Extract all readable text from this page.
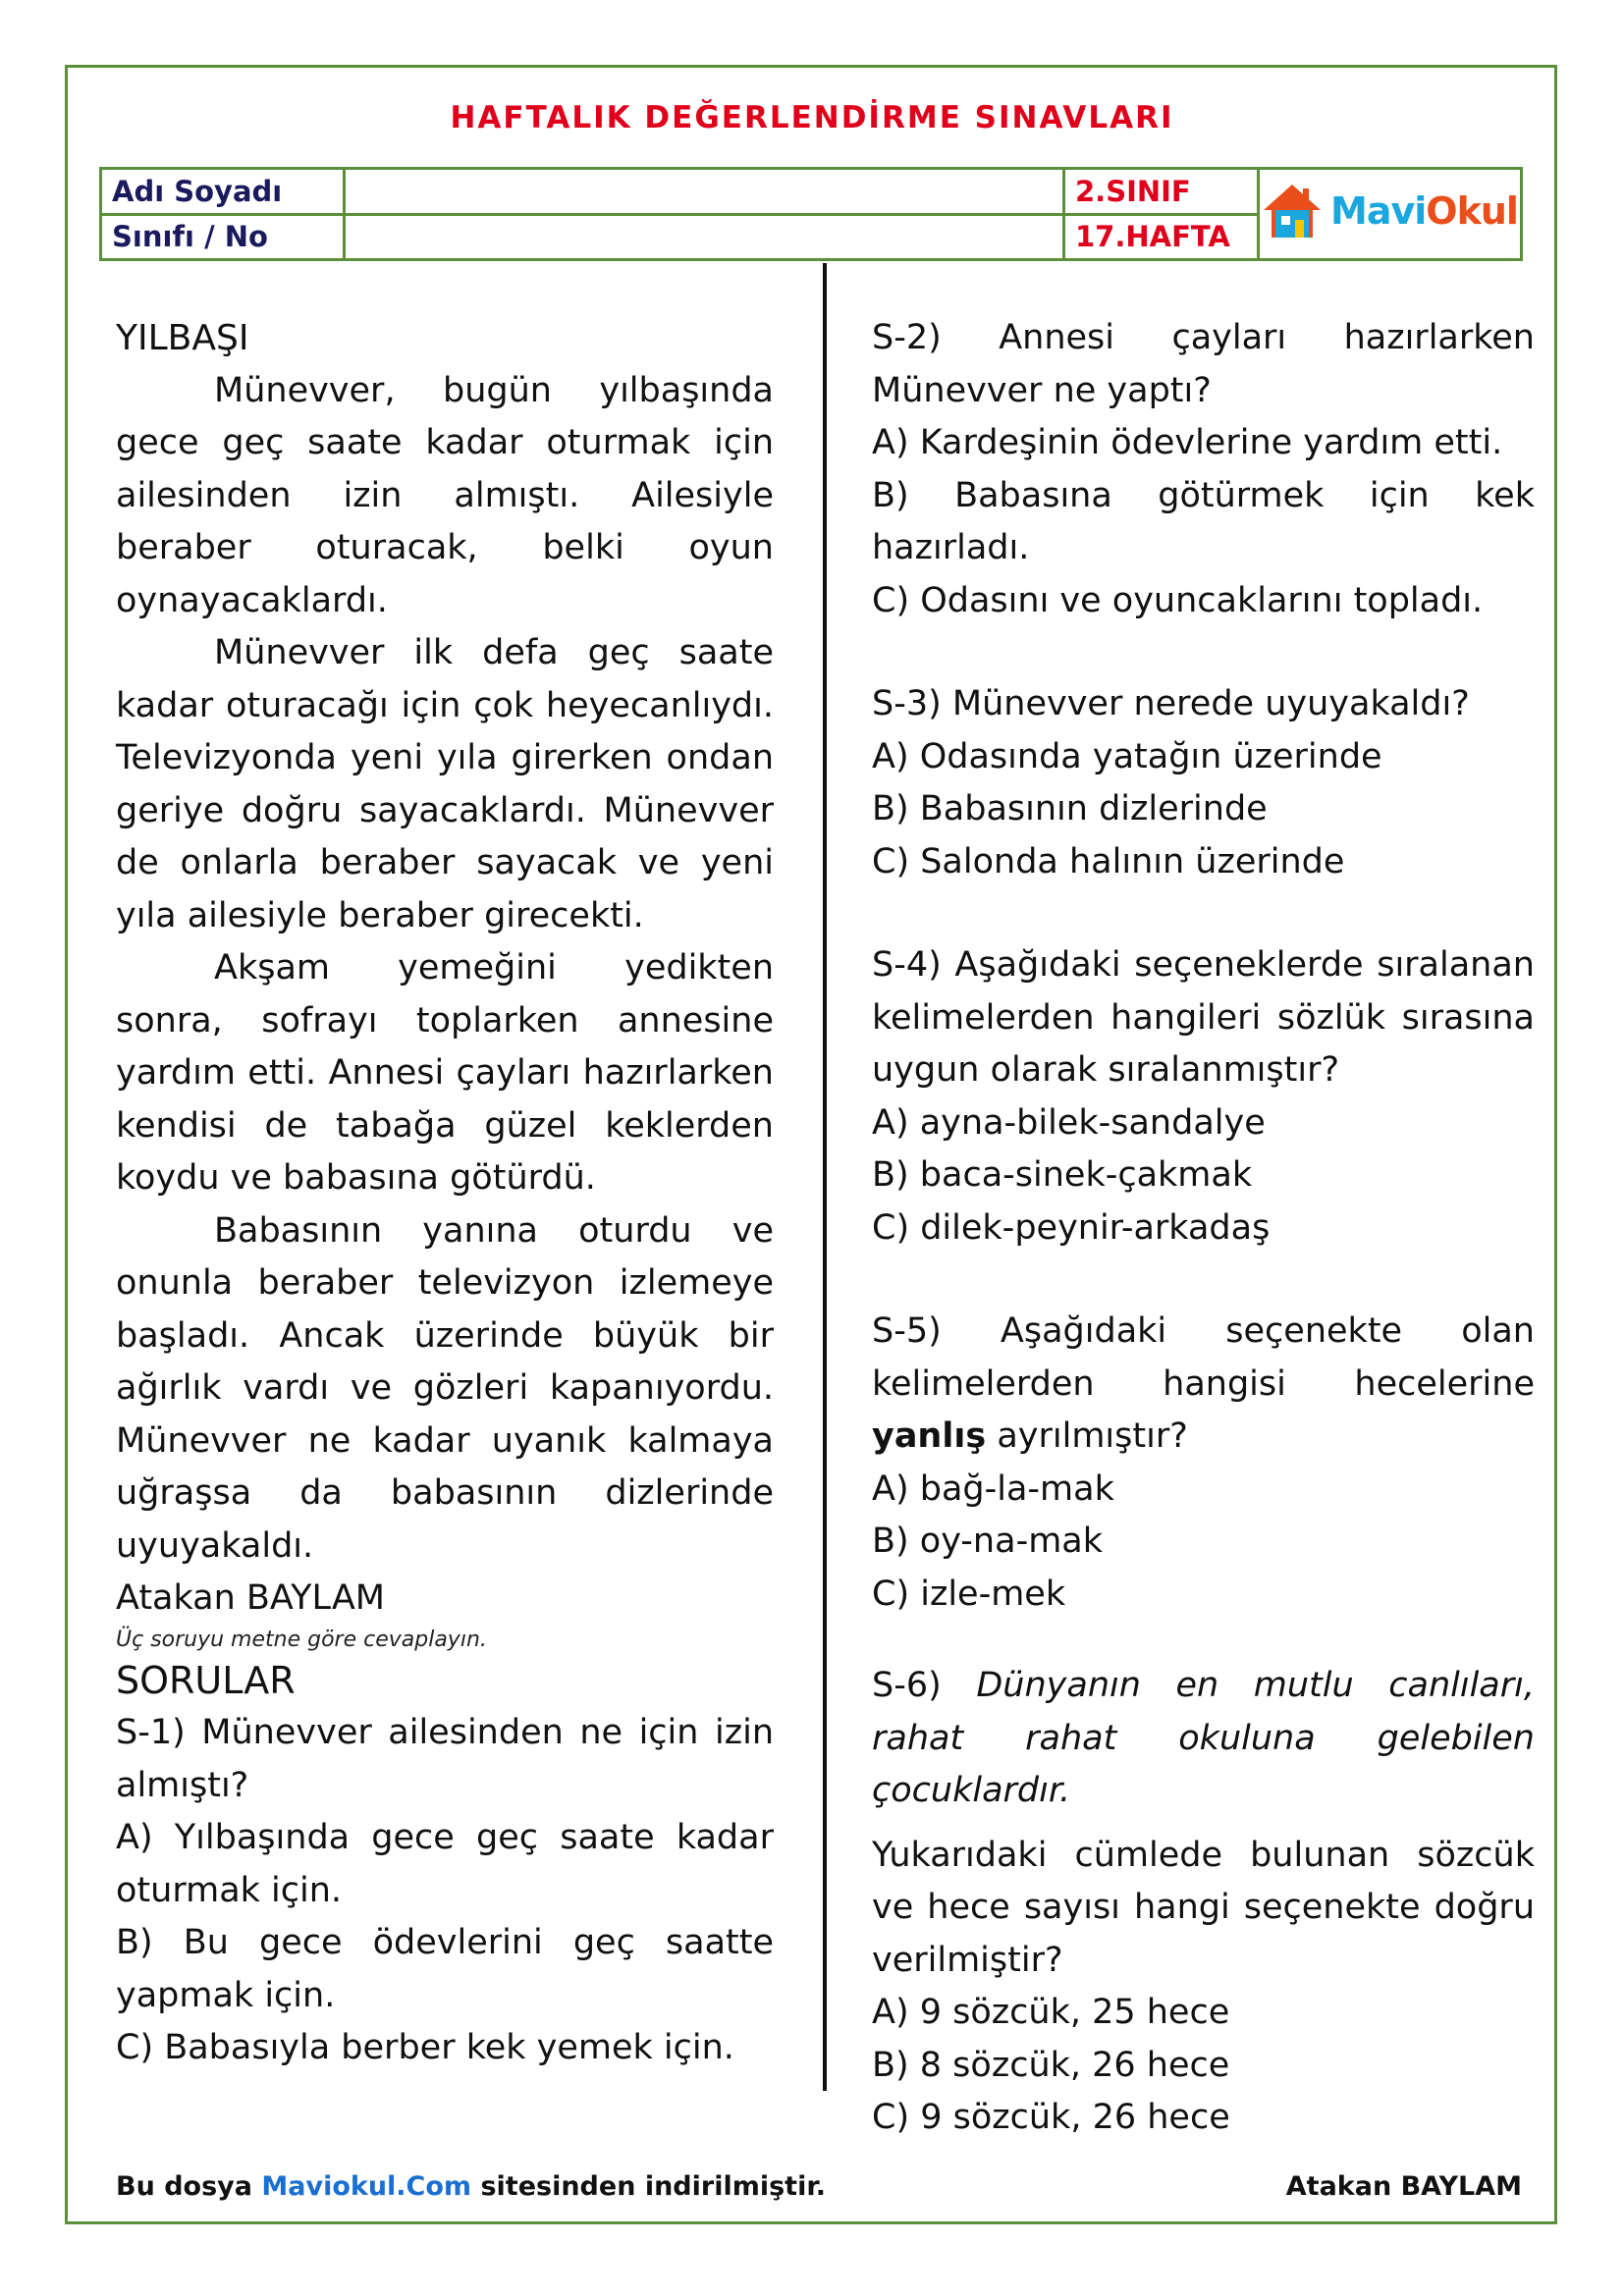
HAFTALIK DEĞERLENDİRME SINAVLARI
Adı Soyadı		2.SINIF	MaviOkul

Sınıfı / No		17.HAFTA	

YILBAŞI

Münevver, bugün yılbaşında gece geç saate kadar oturmak için ailesinden izin almıştı. Ailesiyle beraber oturacak, belki oyun oynayacaklardı.

Münevver ilk defa geç saate kadar oturacağı için çok heyecanlıydı. Televizyonda yeni yıla girerken ondan geriye doğru sayacaklardı. Münevver de onlarla beraber sayacak ve yeni yıla ailesiyle beraber girecekti.

Akşam yemeğini yedikten sonra, sofrayı toplarken annesine yardım etti. Annesi çayları hazırlarken kendisi de tabağa güzel keklerden koydu ve babasına götürdü.

Babasının yanına oturdu ve onunla beraber televizyon izlemeye başladı. Ancak üzerinde büyük bir ağırlık vardı ve gözleri kapanıyordu. Münevver ne kadar uyanık kalmaya uğraşsa da babasının dizlerinde uyuyakaldı.

Atakan BAYLAM

Üç soruyu metne göre cevaplayın.

SORULAR

S-1) Münevver ailesinden ne için izin almıştı?

A) Yılbaşında gece geç saate kadar oturmak için.

B) Bu gece ödevlerini geç saatte yapmak için.

C) Babasıyla berber kek yemek için.

S-2) Annesi çayları hazırlarken Münevver ne yaptı?

A) Kardeşinin ödevlerine yardım etti.

B) Babasına götürmek için kek hazırladı.

C) Odasını ve oyuncaklarını topladı.

S-3) Münevver nerede uyuyakaldı?

A) Odasında yatağın üzerinde

B) Babasının dizlerinde

C) Salonda halının üzerinde

S-4) Aşağıdaki seçeneklerde sıralanan kelimelerden hangileri sözlük sırasına uygun olarak sıralanmıştır?

A) ayna-bilek-sandalye

B) baca-sinek-çakmak

C) dilek-peynir-arkadaş

S-5) Aşağıdaki seçenekte olan kelimelerden hangisi hecelerine yanlış ayrılmıştır?

A) bağ-la-mak

B) oy-na-mak

C) izle-mek

S-6) Dünyanın en mutlu canlıları, rahat rahat okuluna gelebilen çocuklardır.

Yukarıdaki cümlede bulunan sözcük ve hece sayısı hangi seçenekte doğru verilmiştir?

A) 9 sözcük, 25 hece

B) 8 sözcük, 26 hece

C) 9 sözcük, 26 hece

Bu dosya Maviokul.Com sitesinden indirilmiştir.	Atakan BAYLAM
